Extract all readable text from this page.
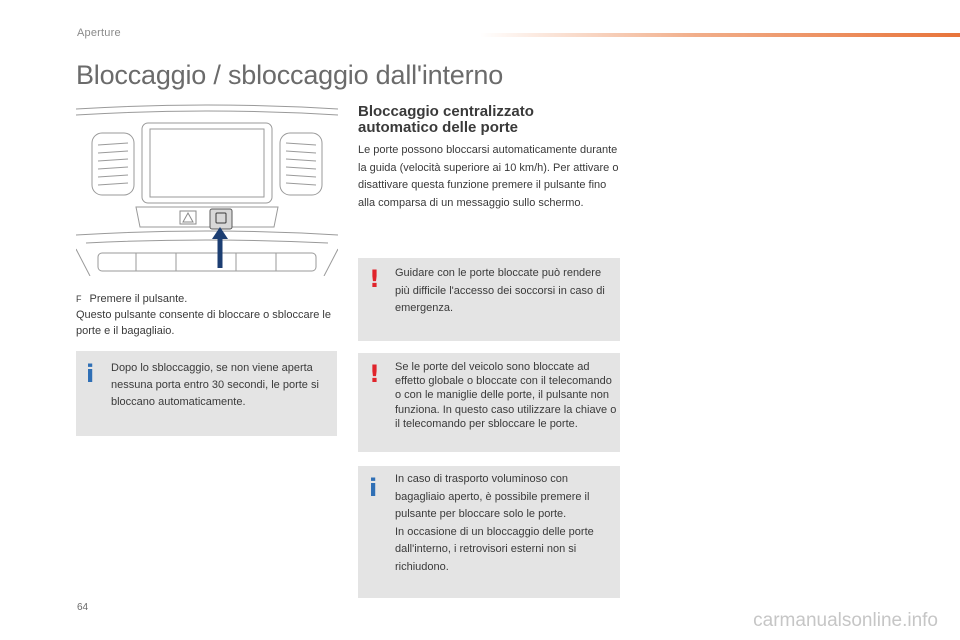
Aperture
Bloccaggio / sbloccaggio dall'interno
F Premere il pulsante.
Questo pulsante consente di bloccare o sbloccare le porte e il bagagliaio.
i Dopo lo sbloccaggio, se non viene aperta nessuna porta entro 30 secondi, le porte si bloccano automaticamente.
Bloccaggio centralizzato
automatico delle porte
Le porte possono bloccarsi automaticamente durante la guida (velocità superiore ai 10 km/h). Per attivare o disattivare questa funzione premere il pulsante fino alla comparsa di un messaggio sullo schermo.
! Guidare con le porte bloccate può rendere più difficile l'accesso dei soccorsi in caso di emergenza.
! Se le porte del veicolo sono bloccate ad effetto globale o bloccate con il telecomando o con le maniglie delle porte, il pulsante non funziona. In questo caso utilizzare la chiave o il telecomando per sbloccare le porte.
i In caso di trasporto voluminoso con bagagliaio aperto, è possibile premere il pulsante per bloccare solo le porte.
In occasione di un bloccaggio delle porte dall'interno, i retrovisori esterni non si richiudono.
64
carmanualsonline.info
